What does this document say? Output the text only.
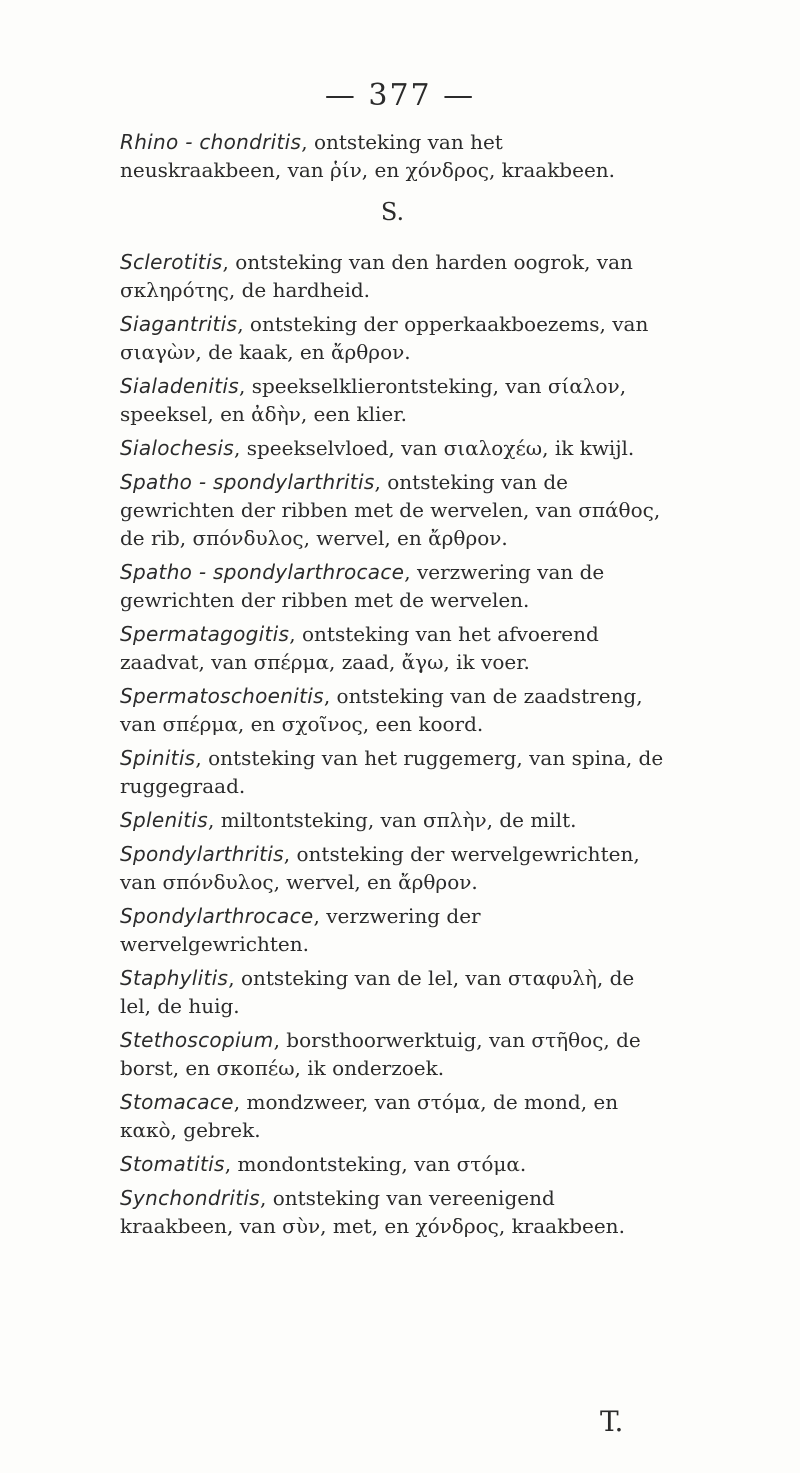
— 377 —

Rhino - chondritis, ontsteking van het neuskraakbeen, van ῥίν, en χόνδρος, kraakbeen.

S.

Sclerotitis, ontsteking van den harden oogrok, van σκληρότης, de hardheid.

Siagantritis, ontsteking der opperkaakboezems, van σιαγὼν, de kaak, en ἄρθρον.

Sialadenitis, speekselklierontsteking, van σίαλον, speeksel, en ἀδὴν, een klier.

Sialochesis, speekselvloed, van σιαλοχέω, ik kwijl.

Spatho - spondylarthritis, ontsteking van de gewrichten der ribben met de wervelen, van σπάθος, de rib, σπόνδυλος, wervel, en ἄρθρον.

Spatho - spondylarthrocace, verzwering van de gewrichten der ribben met de wervelen.

Spermatagogitis, ontsteking van het afvoerend zaadvat, van σπέρμα, zaad, ἄγω, ik voer.

Spermatoschoenitis, ontsteking van de zaadstreng, van σπέρμα, en σχοῖνος, een koord.

Spinitis, ontsteking van het ruggemerg, van spina, de ruggegraad.

Splenitis, miltontsteking, van σπλὴν, de milt.

Spondylarthritis, ontsteking der wervelgewrichten, van σπόνδυλος, wervel, en ἄρθρον.

Spondylarthrocace, verzwering der wervelgewrichten.

Staphylitis, ontsteking van de lel, van σταφυλὴ, de lel, de huig.

Stethoscopium, borsthoorwerktuig, van στῆθος, de borst, en σκοπέω, ik onderzoek.

Stomacace, mondzweer, van στόμα, de mond, en κακὸ, gebrek.

Stomatitis, mondontsteking, van στόμα.

Synchondritis, ontsteking van vereenigend kraakbeen, van σὺν, met, en χόνδρος, kraakbeen.

T.
